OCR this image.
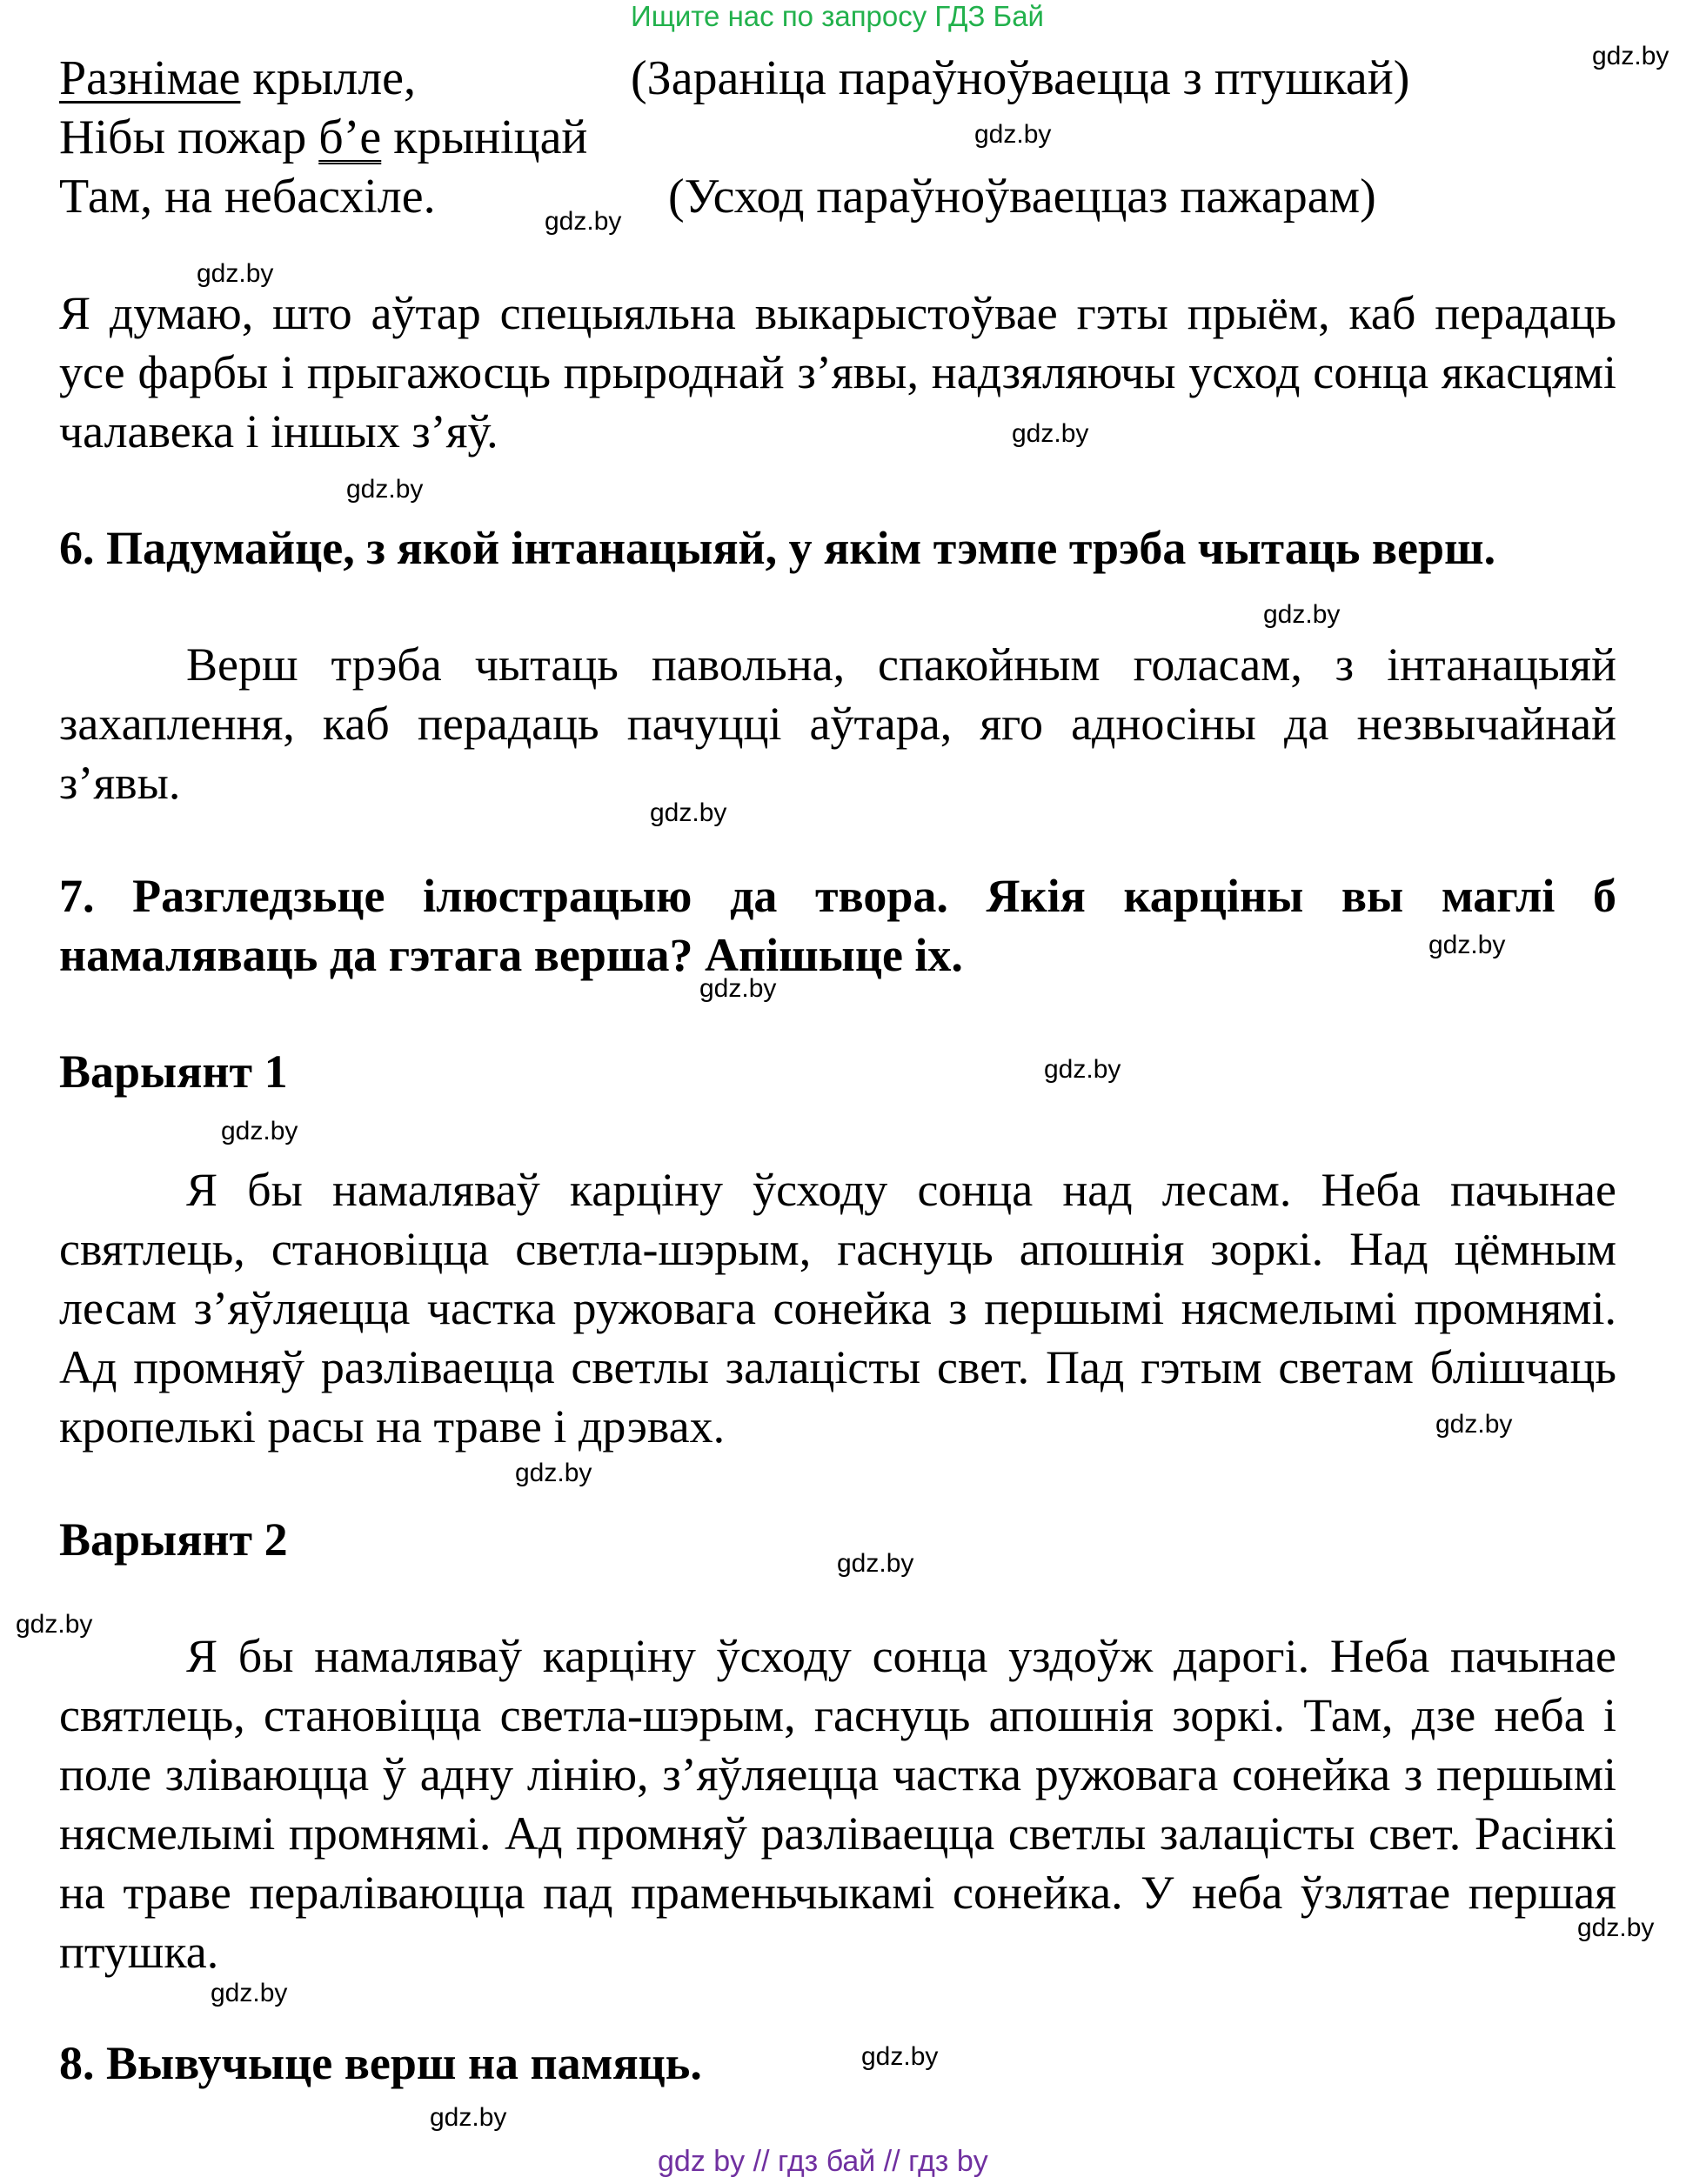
Ищите нас по запросу ГДЗ Бай
Разнімае крылле,	(Зараніца параўноўваецца з птушкай)
Нібы пожар б’е крыніцай
Там, на небасхіле.	(Усход параўноўваеццаз пажарам)
Я думаю, што аўтар спецыяльна выкарыстоўвае гэты прыём, каб перадаць усе фарбы і прыгажосць прыроднай з’явы, надзяляючы усход сонца якасцямі чалавека і іншых з’яў.
6. Падумайце, з якой інтанацыяй, у якім тэмпе трэба чытаць верш.
Верш трэба чытаць павольна, спакойным голасам, з інтанацыяй захаплення, каб перадаць пачуцці аўтара, яго адносіны да незвычайнай з’явы.
7. Разгледзьце ілюстрацыю да твора. Якія карціны вы маглі б намаляваць да гэтага верша? Апішыце іх.
Варыянт 1
Я бы намаляваў карціну ўсходу сонца над лесам. Неба пачынае святлець, становіцца светла-шэрым, гаснуць апошнія зоркі. Над цёмным лесам з’яўляецца частка ружовага сонейка з першымі нясмелымі промнямі. Ад промняў разліваецца светлы залацісты свет. Пад гэтым светам блішчаць кропелькі расы на траве і дрэвах.
Варыянт 2
Я бы намаляваў карціну ўсходу сонца уздоўж дарогі. Неба пачынае святлець, становіцца светла-шэрым, гаснуць апошнія зоркі. Там, дзе неба і поле зліваюцца ў адну лінію, з’яўляецца частка ружовага сонейка з першымі нясмелымі промнямі. Ад промняў разліваецца светлы залацісты свет. Расінкі на траве пераліваюцца пад праменьчыкамі сонейка. У неба ўзлятае першая птушка.
8. Вывучыце верш на памяць.
gdz.by
gdz.by
gdz.by
gdz.by
gdz.by
gdz.by
gdz.by
gdz.by
gdz.by
gdz.by
gdz.by
gdz.by
gdz.by
gdz.by
gdz.by
gdz.by
gdz.by
gdz.by
gdz.by
gdz.by
gdz by // гдз бай // гдз by
